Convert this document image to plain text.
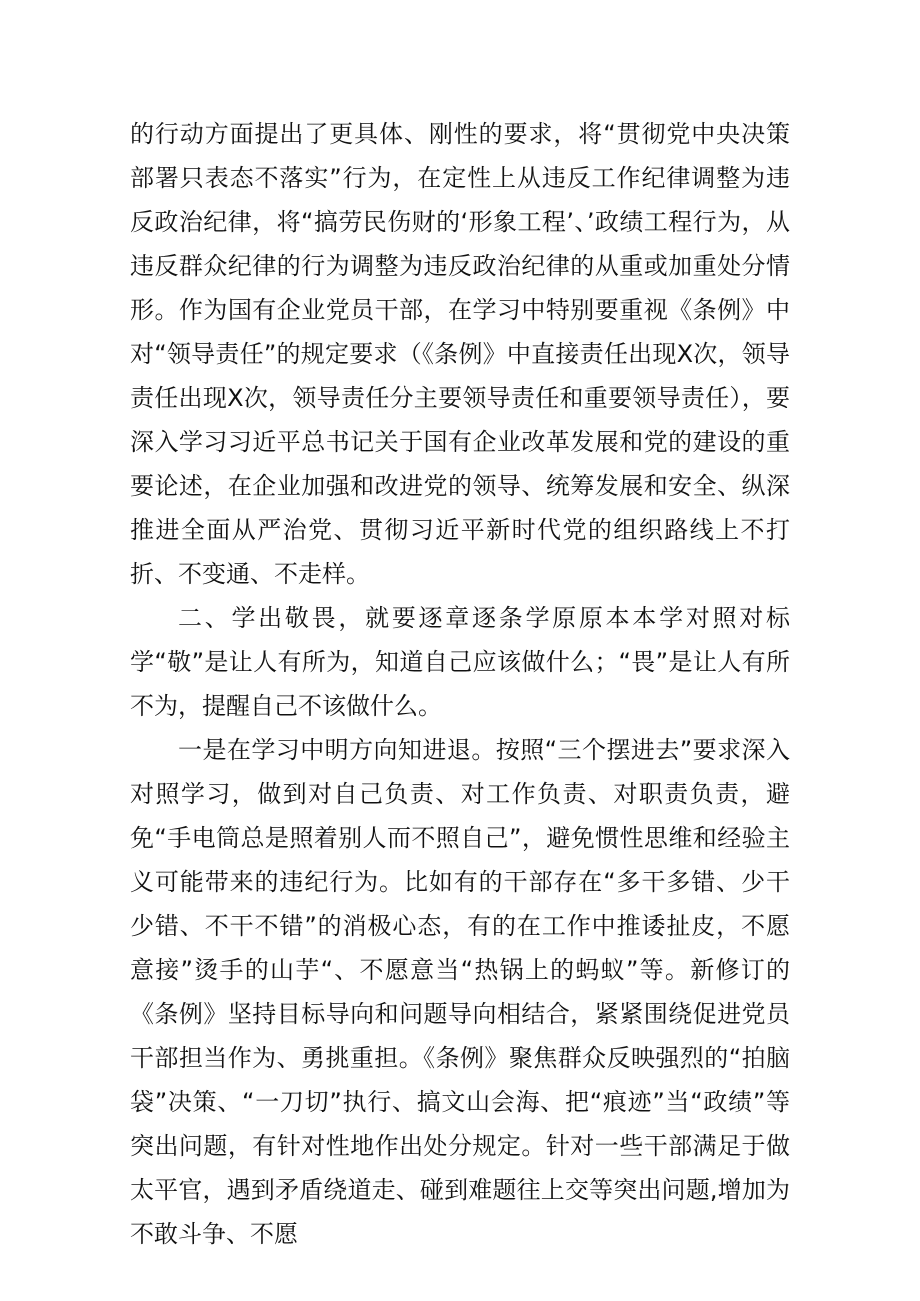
的行动方面提出了更具体、刚性的要求，将“贯彻党中央决策部署只表态不落实”行为，在定性上从违反工作纪律调整为违反政治纪律，将“搞劳民伤财的‘形象工程’、’政绩工程行为，从违反群众纪律的行为调整为违反政治纪律的从重或加重处分情形。作为国有企业党员干部，在学习中特别要重视《条例》中对“领导责任”的规定要求（《条例》中直接责任出现X次，领导责任出现X次，领导责任分主要领导责任和重要领导责任），要深入学习习近平总书记关于国有企业改革发展和党的建设的重要论述，在企业加强和改进党的领导、统筹发展和安全、纵深推进全面从严治党、贯彻习近平新时代党的组织路线上不打折、不变通、不走样。

二、学出敬畏，就要逐章逐条学原原本本学对照对标学“敬”是让人有所为，知道自己应该做什么；“畏”是让人有所不为，提醒自己不该做什么。

一是在学习中明方向知进退。按照“三个摆进去”要求深入对照学习，做到对自己负责、对工作负责、对职责负责，避免“手电筒总是照着别人而不照自己”，避免惯性思维和经验主义可能带来的违纪行为。比如有的干部存在“多干多错、少干少错、不干不错”的消极心态，有的在工作中推诿扯皮，不愿意接”烫手的山芋“、不愿意当“热锅上的蚂蚁”等。新修订的《条例》坚持目标导向和问题导向相结合，紧紧围绕促进党员干部担当作为、勇挑重担。《条例》聚焦群众反映强烈的“拍脑袋”决策、“一刀切”执行、搞文山会海、把“痕迹”当“政绩”等突出问题，有针对性地作出处分规定。针对一些干部满足于做太平官，遇到矛盾绕道走、碰到难题往上交等突出问题,增加为不敢斗争、不愿
